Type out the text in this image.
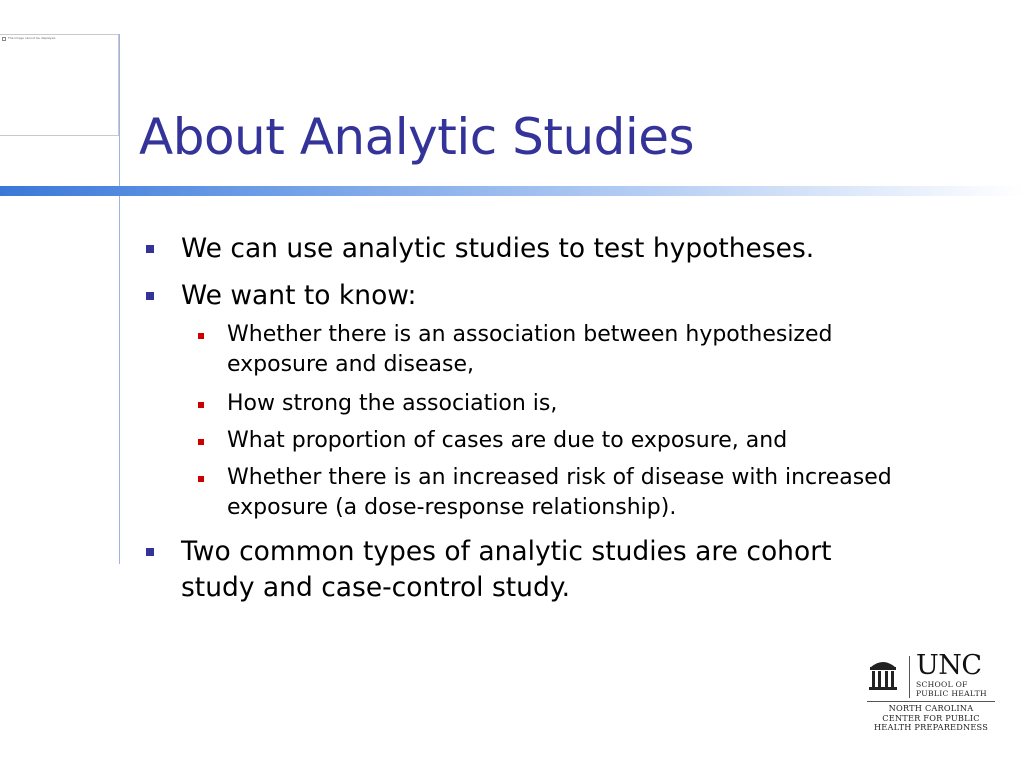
The image cannot be displayed.
About Analytic Studies
We can use analytic studies to test hypotheses.
We want to know:
Whether there is an association between hypothesized
exposure and disease,
How strong the association is,
What proportion of cases are due to exposure, and
Whether there is an increased risk of disease with increased
exposure (a dose-response relationship).
Two common types of analytic studies are cohort
study and case-control study.
UNC
SCHOOL OF
PUBLIC HEALTH
NORTH CAROLINA
CENTER FOR PUBLIC
HEALTH PREPAREDNESS
